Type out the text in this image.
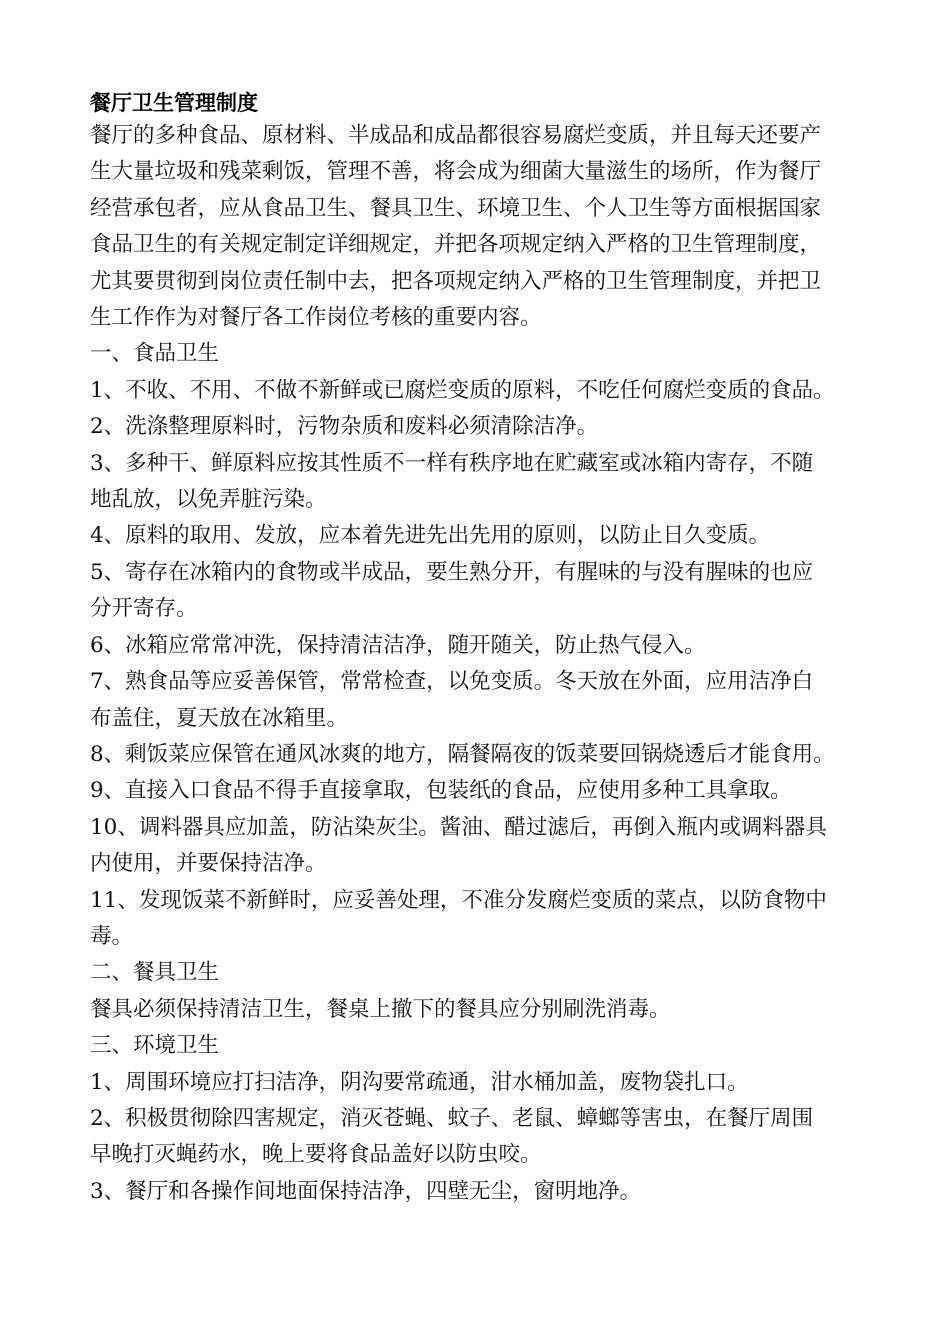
餐厅卫生管理制度

餐厅的多种食品、原材料、半成品和成品都很容易腐烂变质，并且每天还要产

生大量垃圾和残菜剩饭，管理不善，将会成为细菌大量滋生的场所，作为餐厅

经营承包者，应从食品卫生、餐具卫生、环境卫生、个人卫生等方面根据国家

食品卫生的有关规定制定详细规定，并把各项规定纳入严格的卫生管理制度，

尤其要贯彻到岗位责任制中去，把各项规定纳入严格的卫生管理制度，并把卫

生工作作为对餐厅各工作岗位考核的重要内容。

一、食品卫生

1、不收、不用、不做不新鲜或已腐烂变质的原料，不吃任何腐烂变质的食品。

2、洗涤整理原料时，污物杂质和废料必须清除洁净。

3、多种干、鲜原料应按其性质不一样有秩序地在贮藏室或冰箱内寄存，不随
地乱放，以免弄脏污染。

4、原料的取用、发放，应本着先进先出先用的原则，以防止日久变质。

5、寄存在冰箱内的食物或半成品，要生熟分开，有腥味的与没有腥味的也应
分开寄存。

6、冰箱应常常冲洗，保持清洁洁净，随开随关，防止热气侵入。

7、熟食品等应妥善保管，常常检查，以免变质。冬天放在外面，应用洁净白
布盖住，夏天放在冰箱里。

8、剩饭菜应保管在通风冰爽的地方，隔餐隔夜的饭菜要回锅烧透后才能食用。

9、直接入口食品不得手直接拿取，包装纸的食品，应使用多种工具拿取。

10、调料器具应加盖，防沾染灰尘。酱油、醋过滤后，再倒入瓶内或调料器具
内使用，并要保持洁净。

11、发现饭菜不新鲜时，应妥善处理，不准分发腐烂变质的菜点，以防食物中
毒。

二、餐具卫生

餐具必须保持清洁卫生，餐桌上撤下的餐具应分别刷洗消毒。

三、环境卫生

1、周围环境应打扫洁净，阴沟要常疏通，泔水桶加盖，废物袋扎口。

2、积极贯彻除四害规定，消灭苍蝇、蚊子、老鼠、蟑螂等害虫，在餐厅周围
早晚打灭蝇药水，晚上要将食品盖好以防虫咬。

3、餐厅和各操作间地面保持洁净，四壁无尘，窗明地净。
